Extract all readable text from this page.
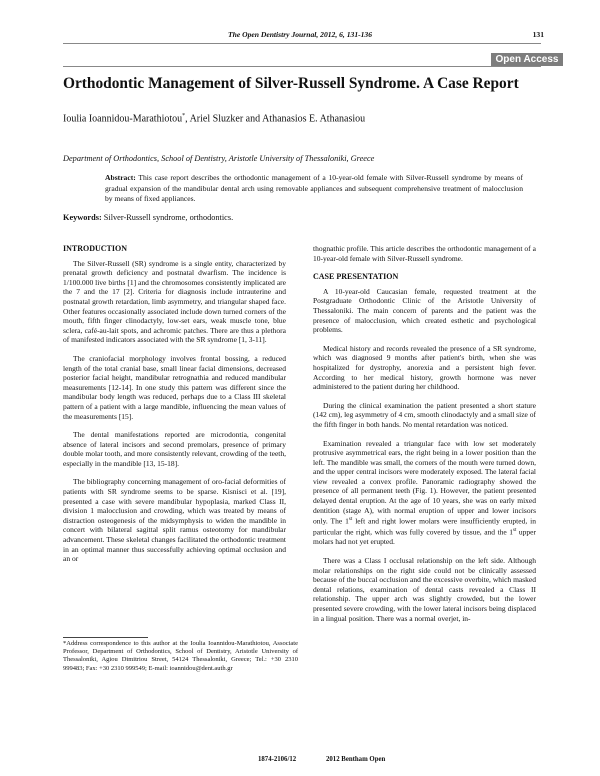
The Open Dentistry Journal, 2012, 6, 131-136	131
Open Access
Orthodontic Management of Silver-Russell Syndrome. A Case Report
Ioulia Ioannidou-Marathiotou*, Ariel Sluzker and Athanasios E. Athanasiou
Department of Orthodontics, School of Dentistry, Aristotle University of Thessaloniki, Greece
Abstract: This case report describes the orthodontic management of a 10-year-old female with Silver-Russell syndrome by means of gradual expansion of the mandibular dental arch using removable appliances and subsequent comprehensive treatment of malocclusion by means of fixed appliances.
Keywords: Silver-Russell syndrome, orthodontics.
INTRODUCTION

The Silver-Russell (SR) syndrome is a single entity, characterized by prenatal growth deficiency and postnatal dwarfism. The incidence is 1/100.000 live births [1] and the chromosomes consistently implicated are the 7 and the 17 [2]. Criteria for diagnosis include intrauterine and postnatal growth retardation, limb asymmetry, and triangular shaped face. Other features occasionally associated include down turned corners of the mouth, fifth finger clinodactyly, low-set ears, weak muscle tone, blue sclera, café-au-lait spots, and achromic patches. There are thus a plethora of manifested indicators associated with the SR syndrome [1, 3-11].

The craniofacial morphology involves frontal bossing, a reduced length of the total cranial base, small linear facial dimensions, decreased posterior facial height, mandibular retrognathia and reduced mandibular measurements [12-14]. In one study this pattern was different since the mandibular body length was reduced, perhaps due to a Class III skeletal pattern of a patient with a large mandible, influencing the mean values of the measurements [15].

The dental manifestations reported are microdontia, congenital absence of lateral incisors and second premolars, presence of primary double molar tooth, and more consistently relevant, crowding of the teeth, especially in the mandible [13, 15-18].

The bibliography concerning management of oro-facial deformities of patients with SR syndrome seems to be sparse. Kisnisci et al. [19], presented a case with severe mandibular hypoplasia, marked Class II, division 1 malocclusion and crowding, which was treated by means of distraction osteogenesis of the midsymphysis to widen the mandible in concert with bilateral sagittal split ramus osteotomy for mandibular advancement. These skeletal changes facilitated the orthodontic treatment in an optimal manner thus successfully achieving optimal occlusion and an or

thognathic profile. This article describes the orthodontic management of a 10-year-old female with Silver-Russell syndrome.

CASE PRESENTATION

A 10-year-old Caucasian female, requested treatment at the Postgraduate Orthodontic Clinic of the Aristotle University of Thessaloniki. The main concern of parents and the patient was the presence of malocclusion, which created esthetic and psychological problems.

Medical history and records revealed the presence of a SR syndrome, which was diagnosed 9 months after patient's birth, when she was hospitalized for dystrophy, anorexia and a persistent high fever. According to her medical history, growth hormone was never administered to the patient during her childhood.

During the clinical examination the patient presented a short stature (142 cm), leg asymmetry of 4 cm, smooth clinodactyly and a small size of the fifth finger in both hands. No mental retardation was noticed.

Examination revealed a triangular face with low set moderately protrusive asymmetrical ears, the right being in a lower position than the left. The mandible was small, the corners of the mouth were turned down, and the upper central incisors were moderately exposed. The lateral facial view revealed a convex profile. Panoramic radiography showed the presence of all permanent teeth (Fig. 1). However, the patient presented delayed dental eruption. At the age of 10 years, she was on early mixed dentition (stage A), with normal eruption of upper and lower incisors only. The 1st left and right lower molars were insufficiently erupted, in particular the right, which was fully covered by tissue, and the 1st upper molars had not yet erupted.

There was a Class I occlusal relationship on the left side. Although molar relationships on the right side could not be clinically assessed because of the buccal occlusion and the excessive overbite, which masked dental relations, examination of dental casts revealed a Class II relationship. The upper arch was slightly crowded, but the lower presented severe crowding, with the lower lateral incisors being displaced in a lingual position. There was a normal overjet, in-

*Address correspondence to this author at the Ioulia Ioannidou-Marathiotou, Associate Professor, Department of Orthodontics, School of Dentistry, Aristotle University of Thessaloniki, Agiou Dimitriou Street, 54124 Thessaloniki, Greece; Tel.: +30 2310 999483; Fax: +30 2310 999549; E-mail: ioannidou@dent.auth.gr
1874-2106/12	2012 Bentham Open
